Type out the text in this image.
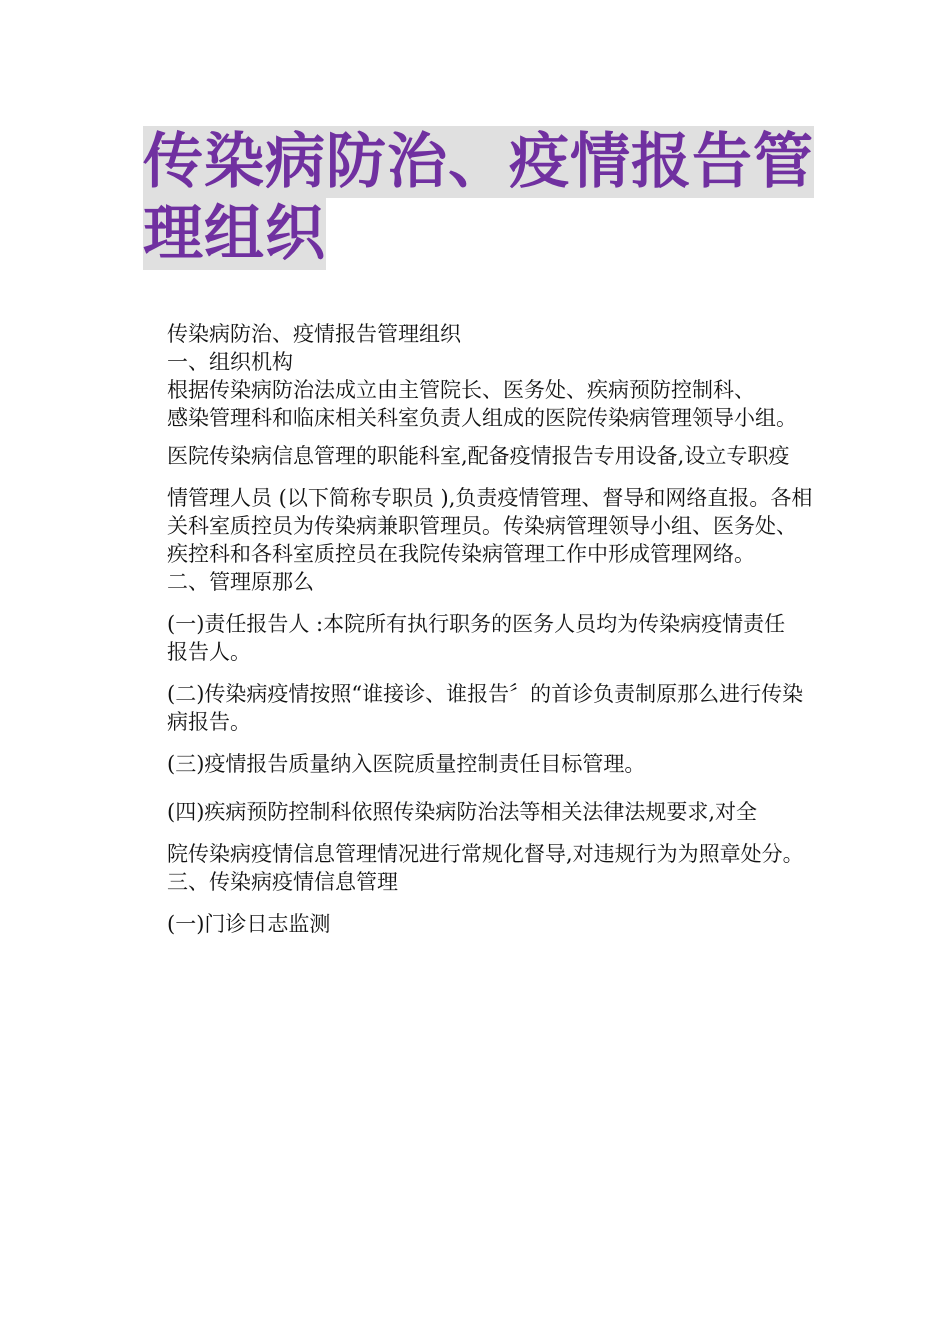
传染病防治、疫情报告管
理组织

传染病防治、疫情报告管理组织

一、组织机构

根据传染病防治法成立由主管院长、医务处、疾病预防控制科、

感染管理科和临床相关科室负责人组成的医院传染病管理领导小组。

医院传染病信息管理的职能科室,配备疫情报告专用设备,设立专职疫

情管理人员 (以下简称专职员 ),负责疫情管理、督导和网络直报。各相

关科室质控员为传染病兼职管理员。传染病管理领导小组、医务处、

疾控科和各科室质控员在我院传染病管理工作中形成管理网络。

二、管理原那么

(一)责任报告人 :本院所有执行职务的医务人员均为传染病疫情责任

报告人。

(二)传染病疫情按照“谁接诊、谁报告〞的首诊负责制原那么进行传染

病报告。

(三)疫情报告质量纳入医院质量控制责任目标管理。

(四)疾病预防控制科依照传染病防治法等相关法律法规要求,对全

院传染病疫情信息管理情况进行常规化督导,对违规行为为照章处分。

三、传染病疫情信息管理

(一)门诊日志监测
